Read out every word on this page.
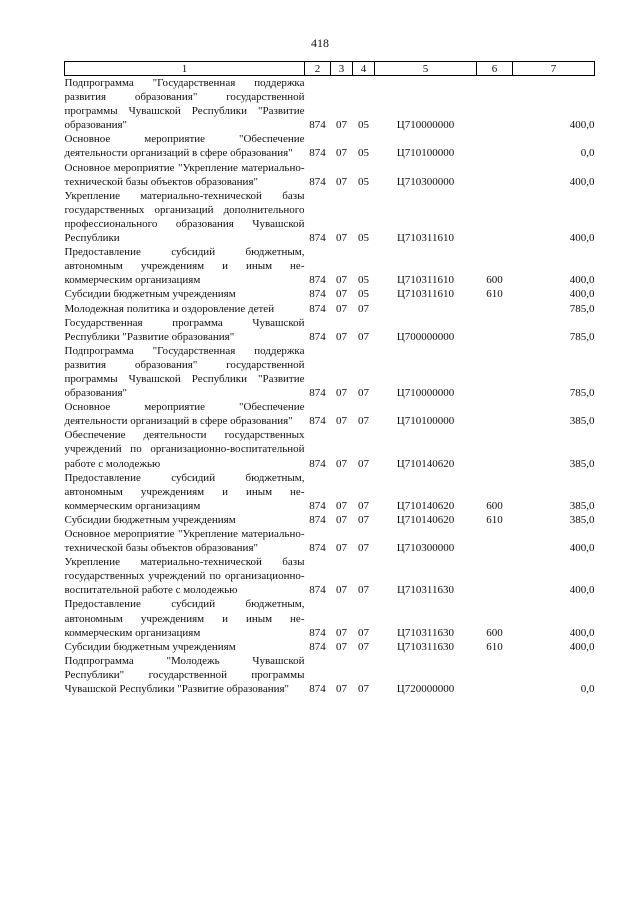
418
1	2	3	4	5	6	7
Подпрограмма "Государственная поддержка развития образования" государственной программы Чувашской Республики "Развитие образования"	874	07	05	Ц710000000		400,0
Основное мероприятие "Обеспечение деятельности организаций в сфере образования"	874	07	05	Ц710100000		0,0
Основное мероприятие "Укрепление материально-технической базы объектов образования"	874	07	05	Ц710300000		400,0
Укрепление материально-технической базы государственных организаций дополнительного профессионального образования Чувашской Республики	874	07	05	Ц710311610		400,0
Предоставление субсидий бюджетным, автономным учреждениям и иным некоммерческим организациям	874	07	05	Ц710311610	600	400,0
Субсидии бюджетным учреждениям	874	07	05	Ц710311610	610	400,0
Молодежная политика и оздоровление детей	874	07	07			785,0
Государственная программа Чувашской Республики "Развитие образования"	874	07	07	Ц700000000		785,0
Подпрограмма "Государственная поддержка развития образования" государственной программы Чувашской Республики "Развитие образования"	874	07	07	Ц710000000		785,0
Основное мероприятие "Обеспечение деятельности организаций в сфере образования"	874	07	07	Ц710100000		385,0
Обеспечение деятельности государственных учреждений по организационно-воспитательной работе с молодежью	874	07	07	Ц710140620		385,0
Предоставление субсидий бюджетным, автономным учреждениям и иным некоммерческим организациям	874	07	07	Ц710140620	600	385,0
Субсидии бюджетным учреждениям	874	07	07	Ц710140620	610	385,0
Основное мероприятие "Укрепление материально-технической базы объектов образования"	874	07	07	Ц710300000		400,0
Укрепление материально-технической базы государственных учреждений по организационно-воспитательной работе с молодежью	874	07	07	Ц710311630		400,0
Предоставление субсидий бюджетным, автономным учреждениям и иным некоммерческим организациям	874	07	07	Ц710311630	600	400,0
Субсидии бюджетным учреждениям	874	07	07	Ц710311630	610	400,0
Подпрограмма "Молодежь Чувашской Республики" государственной программы Чувашской Республики "Развитие образования"	874	07	07	Ц720000000		0,0
